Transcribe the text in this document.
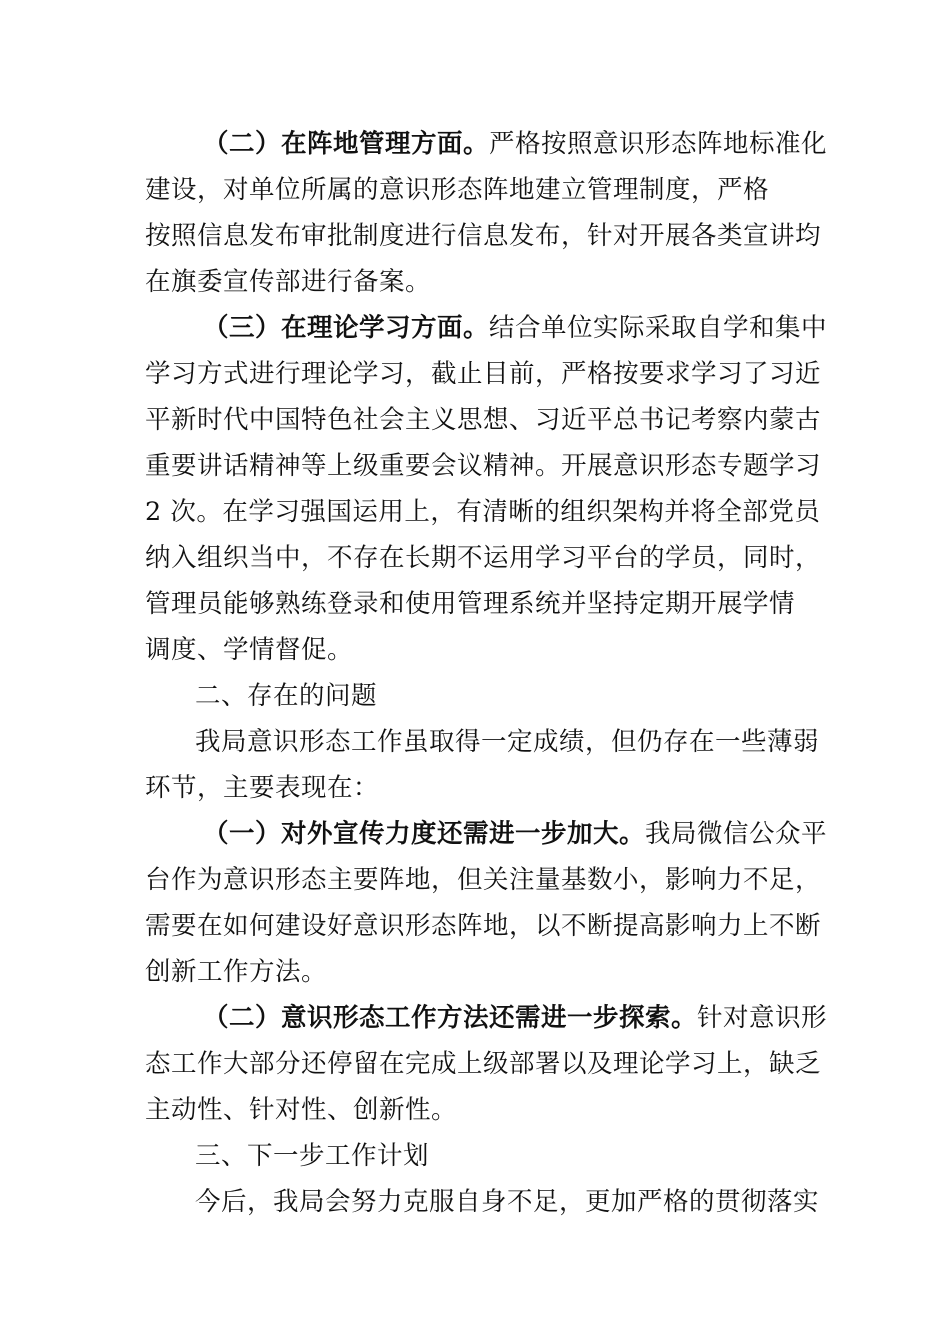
（二）在阵地管理方面。严格按照意识形态阵地标准化
建设，对单位所属的意识形态阵地建立管理制度，严格
按照信息发布审批制度进行信息发布，针对开展各类宣讲均
在旗委宣传部进行备案。
（三）在理论学习方面。结合单位实际采取自学和集中
学习方式进行理论学习，截止目前，严格按要求学习了习近
平新时代中国特色社会主义思想、习近平总书记考察内蒙古
重要讲话精神等上级重要会议精神。开展意识形态专题学习
2 次。在学习强国运用上，有清晰的组织架构并将全部党员
纳入组织当中，不存在长期不运用学习平台的学员，同时，
管理员能够熟练登录和使用管理系统并坚持定期开展学情
调度、学情督促。
二、存在的问题
我局意识形态工作虽取得一定成绩，但仍存在一些薄弱
环节，主要表现在：
（一）对外宣传力度还需进一步加大。我局微信公众平
台作为意识形态主要阵地，但关注量基数小，影响力不足，
需要在如何建设好意识形态阵地，以不断提高影响力上不断
创新工作方法。
（二）意识形态工作方法还需进一步探索。针对意识形
态工作大部分还停留在完成上级部署以及理论学习上，缺乏
主动性、针对性、创新性。
三、下一步工作计划
今后，我局会努力克服自身不足，更加严格的贯彻落实
